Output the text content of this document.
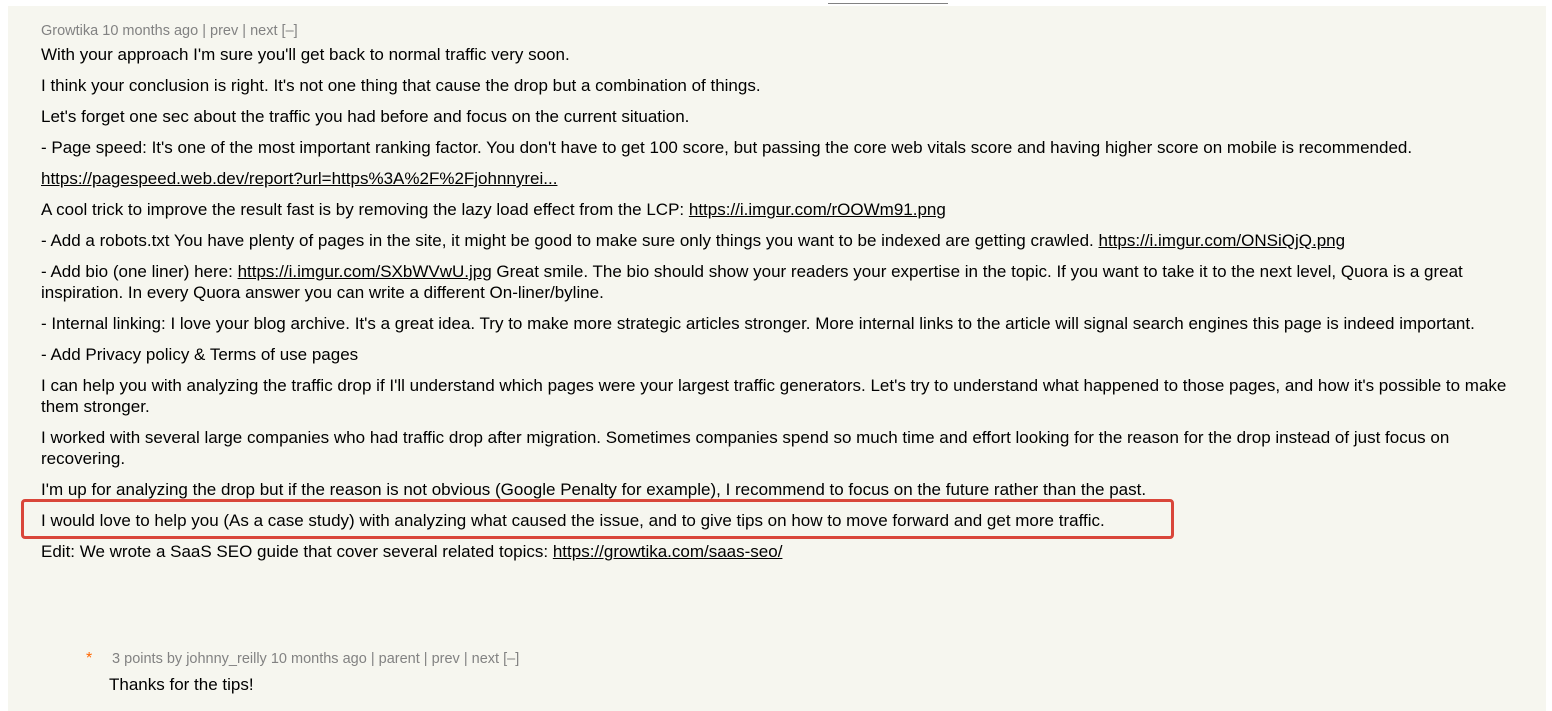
Growtika 10 months ago | prev | next [–]

With your approach I'm sure you'll get back to normal traffic very soon.

I think your conclusion is right. It's not one thing that cause the drop but a combination of things.

Let's forget one sec about the traffic you had before and focus on the current situation.

- Page speed: It's one of the most important ranking factor. You don't have to get 100 score, but passing the core web vitals score and having higher score on mobile is recommended.

https://pagespeed.web.dev/report?url=https%3A%2F%2Fjohnnyrei...

A cool trick to improve the result fast is by removing the lazy load effect from the LCP: https://i.imgur.com/rOOWm91.png

- Add a robots.txt You have plenty of pages in the site, it might be good to make sure only things you want to be indexed are getting crawled. https://i.imgur.com/ONSiQjQ.png

- Add bio (one liner) here: https://i.imgur.com/SXbWVwU.jpg Great smile. The bio should show your readers your expertise in the topic. If you want to take it to the next level, Quora is a great inspiration. In every Quora answer you can write a different On-liner/byline.

- Internal linking: I love your blog archive. It's a great idea. Try to make more strategic articles stronger. More internal links to the article will signal search engines this page is indeed important.

- Add Privacy policy & Terms of use pages

I can help you with analyzing the traffic drop if I'll understand which pages were your largest traffic generators. Let's try to understand what happened to those pages, and how it's possible to make them stronger.

I worked with several large companies who had traffic drop after migration. Sometimes companies spend so much time and effort looking for the reason for the drop instead of just focus on recovering.

I'm up for analyzing the drop but if the reason is not obvious (Google Penalty for example), I recommend to focus on the future rather than the past.

I would love to help you (As a case study) with analyzing what caused the issue, and to give tips on how to move forward and get more traffic.

Edit: We wrote a SaaS SEO guide that cover several related topics: https://growtika.com/saas-seo/

* 3 points by johnny_reilly 10 months ago | parent | prev | next [–]
Thanks for the tips!
